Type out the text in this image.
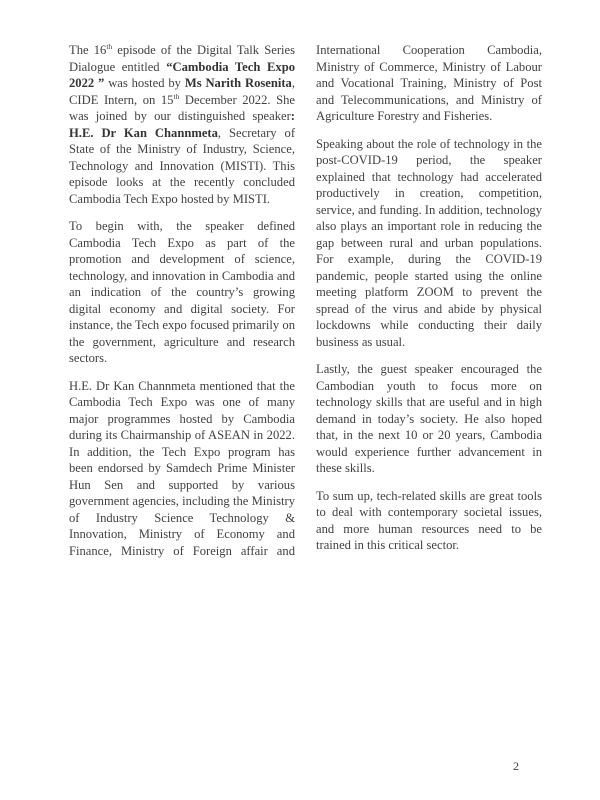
The 16th episode of the Digital Talk Series Dialogue entitled “Cambodia Tech Expo 2022 ” was hosted by Ms Narith Rosenita, CIDE Intern, on 15th December 2022. She was joined by our distinguished speaker: H.E. Dr Kan Channmeta, Secretary of State of the Ministry of Industry, Science, Technology and Innovation (MISTI). This episode looks at the recently concluded Cambodia Tech Expo hosted by MISTI.

To begin with, the speaker defined Cambodia Tech Expo as part of the promotion and development of science, technology, and innovation in Cambodia and an indication of the country’s growing digital economy and digital society. For instance, the Tech expo focused primarily on the government, agriculture and research sectors.

H.E. Dr Kan Channmeta mentioned that the Cambodia Tech Expo was one of many major programmes hosted by Cambodia during its Chairmanship of ASEAN in 2022. In addition, the Tech Expo program has been endorsed by Samdech Prime Minister Hun Sen and supported by various government agencies, including the Ministry of Industry Science Technology & Innovation, Ministry of Economy and Finance, Ministry of Foreign affair and

International Cooperation Cambodia, Ministry of Commerce, Ministry of Labour and Vocational Training, Ministry of Post and Telecommunications, and Ministry of Agriculture Forestry and Fisheries.

Speaking about the role of technology in the post-COVID-19 period, the speaker explained that technology had accelerated productively in creation, competition, service, and funding. In addition, technology also plays an important role in reducing the gap between rural and urban populations. For example, during the COVID-19 pandemic, people started using the online meeting platform ZOOM to prevent the spread of the virus and abide by physical lockdowns while conducting their daily business as usual.

Lastly, the guest speaker encouraged the Cambodian youth to focus more on technology skills that are useful and in high demand in today’s society. He also hoped that, in the next 10 or 20 years, Cambodia would experience further advancement in these skills.

To sum up, tech-related skills are great tools to deal with contemporary societal issues, and more human resources need to be trained in this critical sector.

2
